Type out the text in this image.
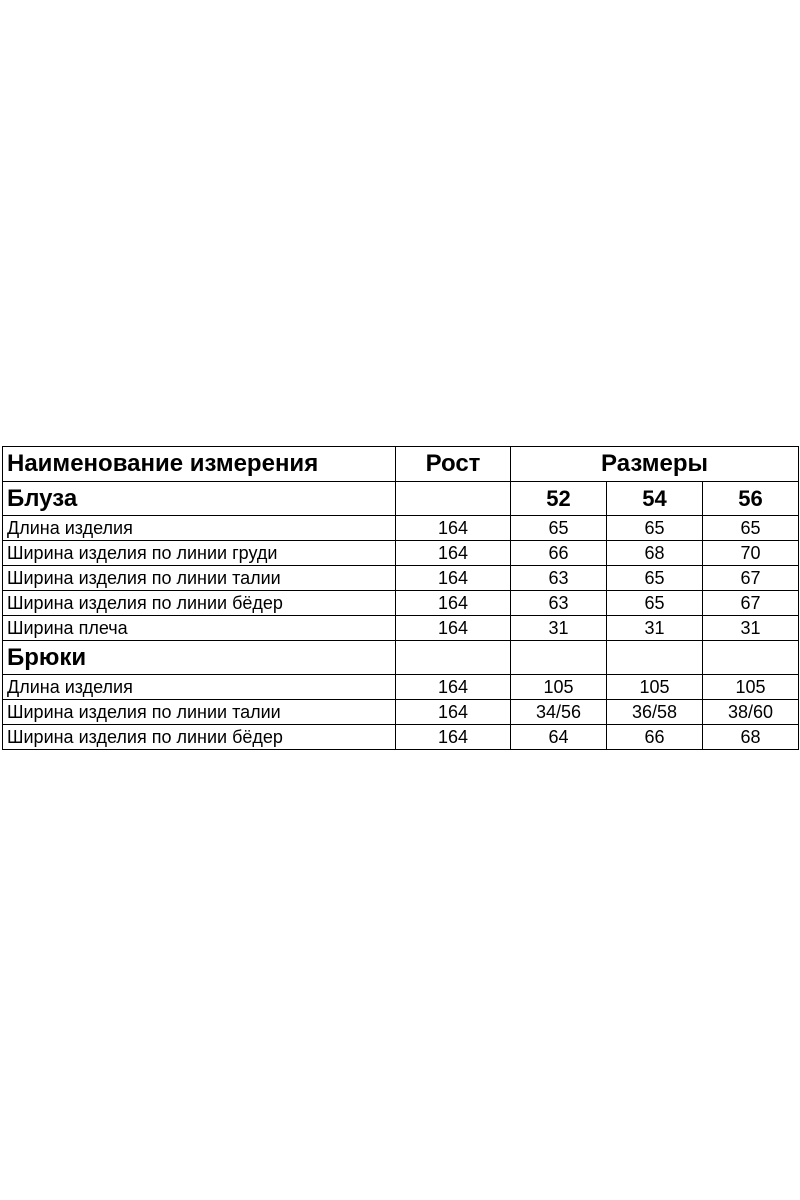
Наименование измерения	Рост	Размеры		
Блуза		52	54	56
Длина изделия	164	65	65	65
Ширина изделия по линии груди	164	66	68	70
Ширина изделия по линии талии	164	63	65	67
Ширина изделия по линии бёдер	164	63	65	67
Ширина плеча	164	31	31	31
Брюки				
Длина изделия	164	105	105	105
Ширина изделия по линии талии	164	34/56	36/58	38/60
Ширина изделия по линии бёдер	164	64	66	68
